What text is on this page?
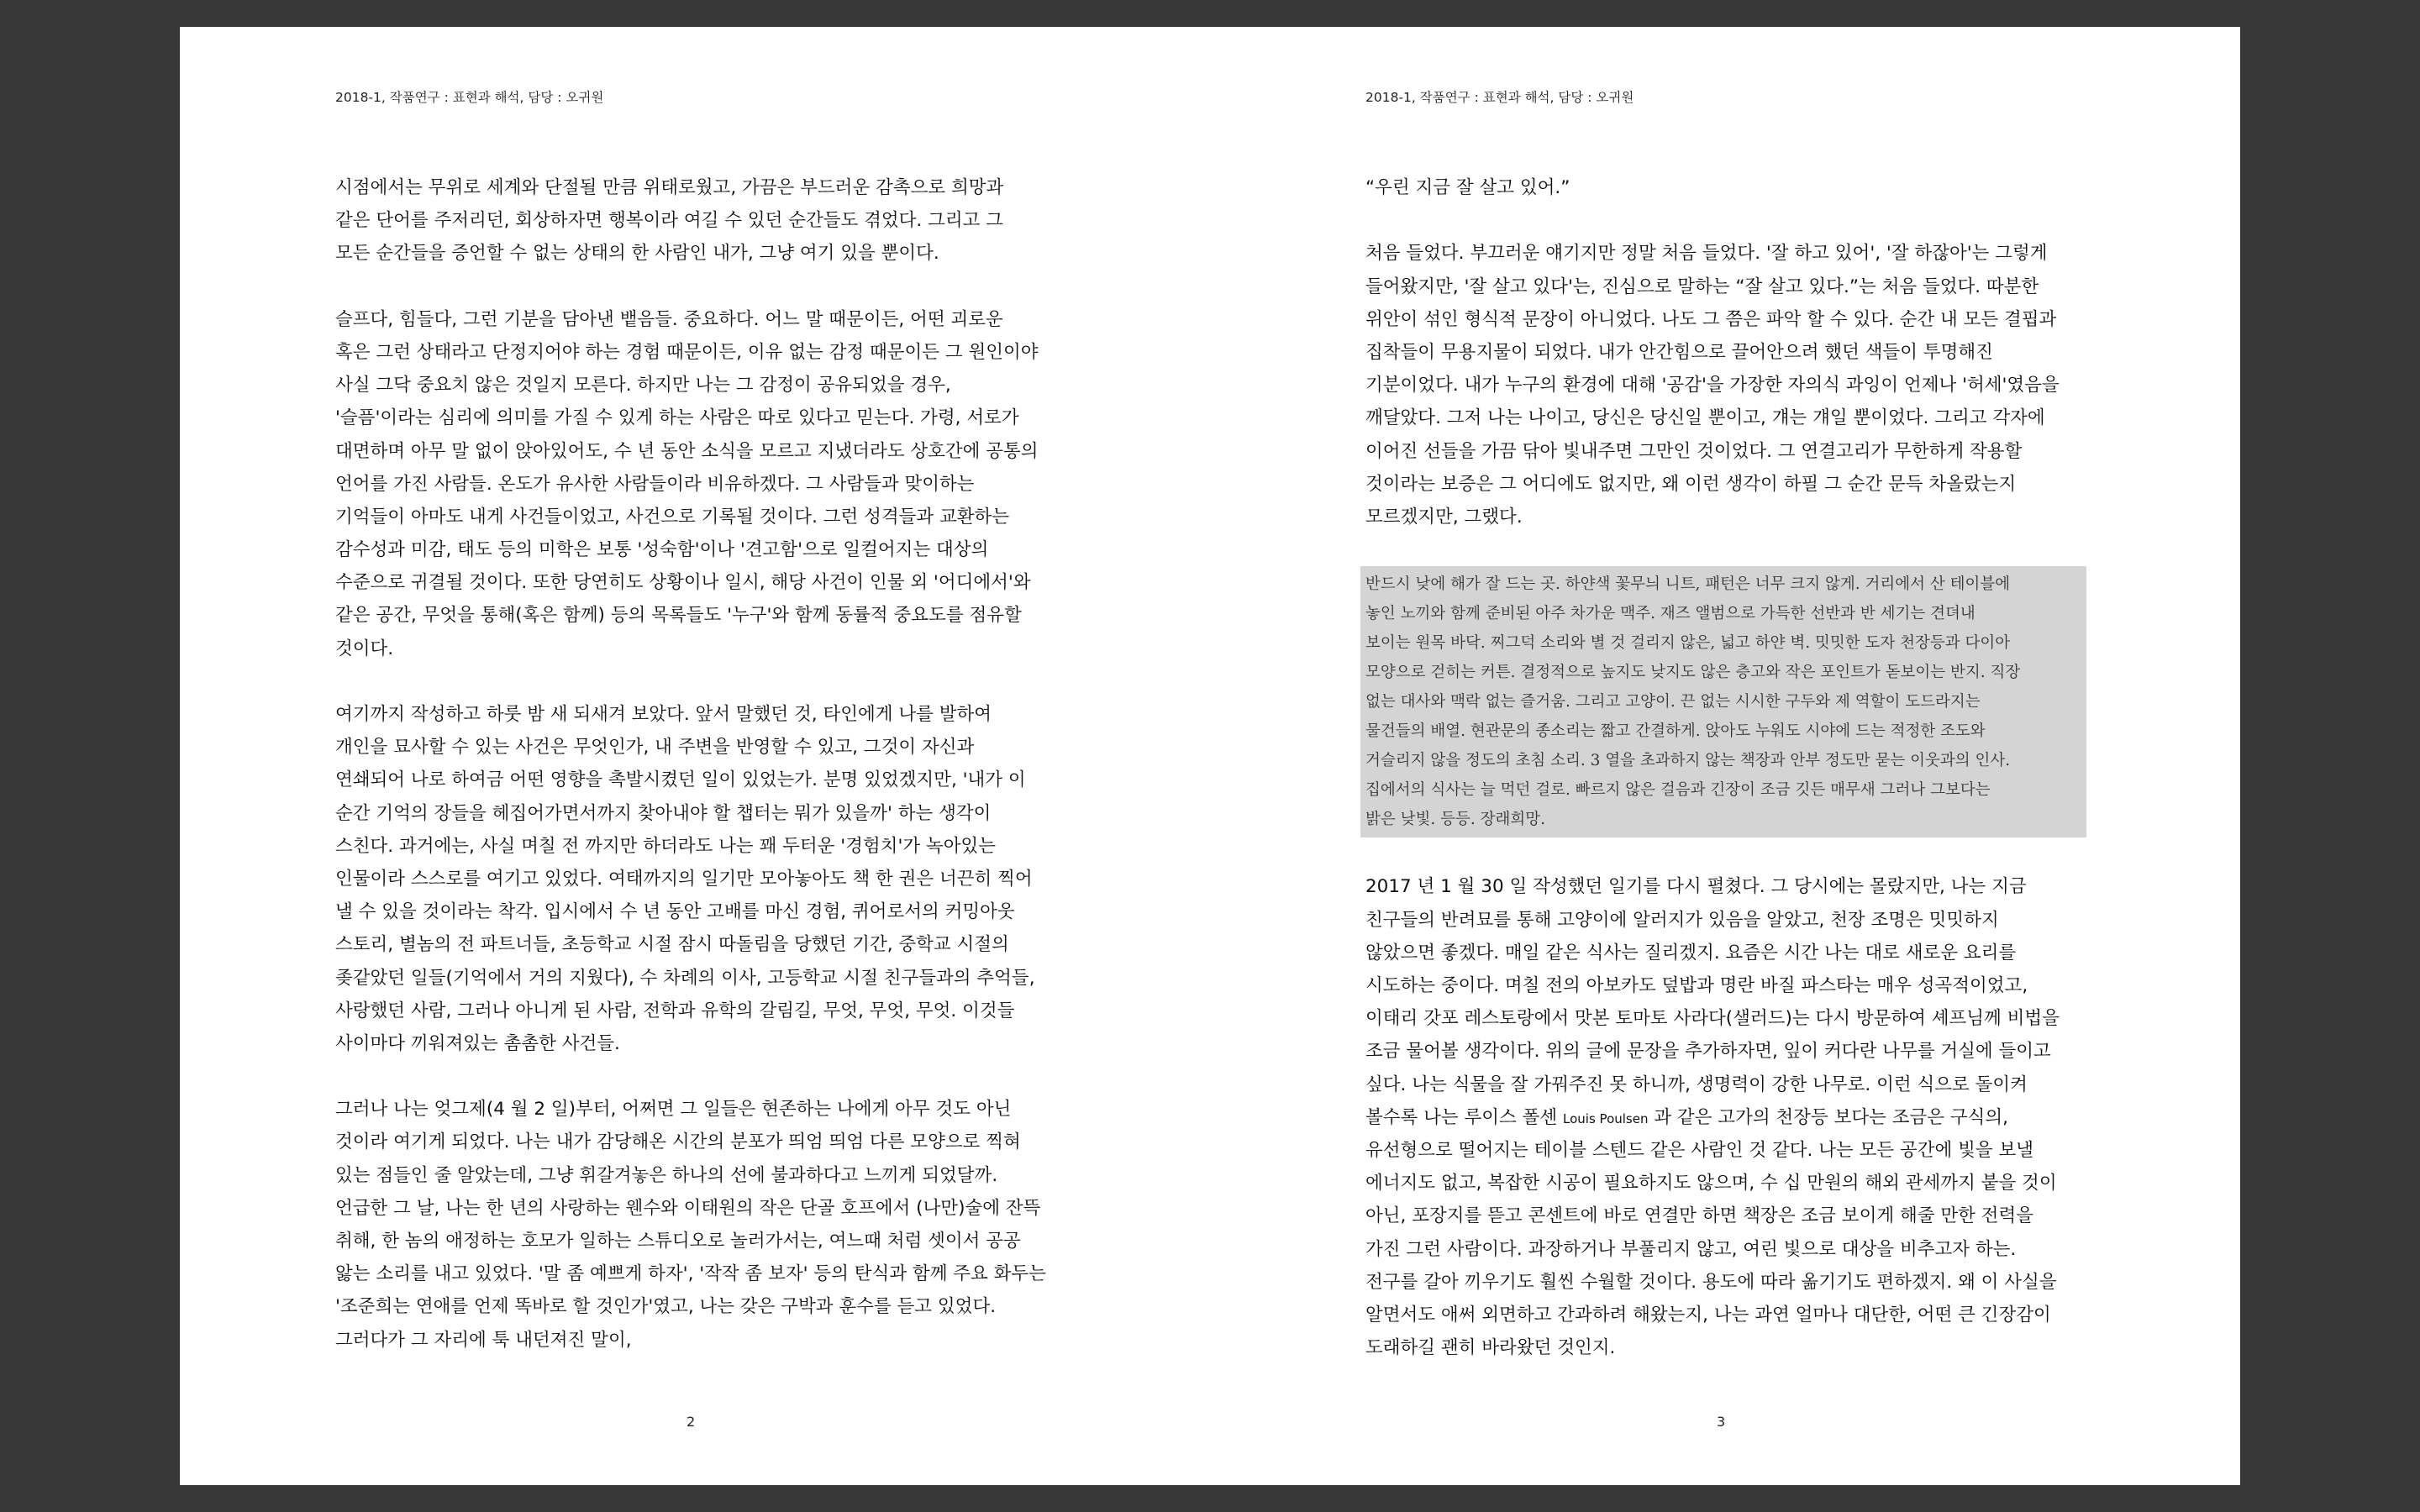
2018-1, 작품연구 : 표현과 해석, 담당 : 오귀원
시점에서는 무위로 세계와 단절될 만큼 위태로웠고, 가끔은 부드러운 감촉으로 희망과
같은 단어를 주저리던, 회상하자면 행복이라 여길 수 있던 순간들도 겪었다. 그리고 그
모든 순간들을 증언할 수 없는 상태의 한 사람인 내가, 그냥 여기 있을 뿐이다.
슬프다, 힘들다, 그런 기분을 담아낸 뱉음들. 중요하다. 어느 말 때문이든, 어떤 괴로운
혹은 그런 상태라고 단정지어야 하는 경험 때문이든, 이유 없는 감정 때문이든 그 원인이야
사실 그닥 중요치 않은 것일지 모른다. 하지만 나는 그 감정이 공유되었을 경우,
'슬픔'이라는 심리에 의미를 가질 수 있게 하는 사람은 따로 있다고 믿는다. 가령, 서로가
대면하며 아무 말 없이 앉아있어도, 수 년 동안 소식을 모르고 지냈더라도 상호간에 공통의
언어를 가진 사람들. 온도가 유사한 사람들이라 비유하겠다. 그 사람들과 맞이하는
기억들이 아마도 내게 사건들이었고, 사건으로 기록될 것이다. 그런 성격들과 교환하는
감수성과 미감, 태도 등의 미학은 보통 '성숙함'이나 '견고함'으로 일컬어지는 대상의
수준으로 귀결될 것이다. 또한 당연히도 상황이나 일시, 해당 사건이 인물 외 '어디에서'와
같은 공간, 무엇을 통해(혹은 함께) 등의 목록들도 '누구'와 함께 동률적 중요도를 점유할
것이다.
여기까지 작성하고 하룻 밤 새 되새겨 보았다. 앞서 말했던 것, 타인에게 나를 발하여
개인을 묘사할 수 있는 사건은 무엇인가, 내 주변을 반영할 수 있고, 그것이 자신과
연쇄되어 나로 하여금 어떤 영향을 촉발시켰던 일이 있었는가. 분명 있었겠지만, '내가 이
순간 기억의 장들을 헤집어가면서까지 찾아내야 할 챕터는 뭐가 있을까' 하는 생각이
스친다. 과거에는, 사실 며칠 전 까지만 하더라도 나는 꽤 두터운 '경험치'가 녹아있는
인물이라 스스로를 여기고 있었다. 여태까지의 일기만 모아놓아도 책 한 권은 너끈히 찍어
낼 수 있을 것이라는 착각. 입시에서 수 년 동안 고배를 마신 경험, 퀴어로서의 커밍아웃
스토리, 별놈의 전 파트너들, 초등학교 시절 잠시 따돌림을 당했던 기간, 중학교 시절의
좆같았던 일들(기억에서 거의 지웠다), 수 차례의 이사, 고등학교 시절 친구들과의 추억들,
사랑했던 사람, 그러나 아니게 된 사람, 전학과 유학의 갈림길, 무엇, 무엇, 무엇. 이것들
사이마다 끼워져있는 촘촘한 사건들.
그러나 나는 엊그제(4 월 2 일)부터, 어쩌면 그 일들은 현존하는 나에게 아무 것도 아닌
것이라 여기게 되었다. 나는 내가 감당해온 시간의 분포가 띄엄 띄엄 다른 모양으로 찍혀
있는 점들인 줄 알았는데, 그냥 휘갈겨놓은 하나의 선에 불과하다고 느끼게 되었달까.
언급한 그 날, 나는 한 년의 사랑하는 웬수와 이태원의 작은 단골 호프에서 (나만)술에 잔뜩
취해, 한 놈의 애정하는 호모가 일하는 스튜디오로 놀러가서는, 여느때 처럼 셋이서 공공
앓는 소리를 내고 있었다. '말 좀 예쁘게 하자', '작작 좀 보자' 등의 탄식과 함께 주요 화두는
'조준희는 연애를 언제 똑바로 할 것인가'였고, 나는 갖은 구박과 훈수를 듣고 있었다.
그러다가 그 자리에 툭 내던져진 말이,
2
2018-1, 작품연구 : 표현과 해석, 담당 : 오귀원
“우린 지금 잘 살고 있어.”
처음 들었다. 부끄러운 얘기지만 정말 처음 들었다. '잘 하고 있어', '잘 하잖아'는 그렇게
들어왔지만, '잘 살고 있다'는, 진심으로 말하는 “잘 살고 있다.”는 처음 들었다. 따분한
위안이 섞인 형식적 문장이 아니었다. 나도 그 쯤은 파악 할 수 있다. 순간 내 모든 결핍과
집착들이 무용지물이 되었다. 내가 안간힘으로 끌어안으려 했던 색들이 투명해진
기분이었다. 내가 누구의 환경에 대해 '공감'을 가장한 자의식 과잉이 언제나 '허세'였음을
깨달았다. 그저 나는 나이고, 당신은 당신일 뿐이고, 걔는 걔일 뿐이었다. 그리고 각자에
이어진 선들을 가끔 닦아 빛내주면 그만인 것이었다. 그 연결고리가 무한하게 작용할
것이라는 보증은 그 어디에도 없지만, 왜 이런 생각이 하필 그 순간 문득 차올랐는지
모르겠지만, 그랬다.
반드시 낮에 해가 잘 드는 곳. 하얀색 꽃무늬 니트, 패턴은 너무 크지 않게. 거리에서 산 테이블에
놓인 노끼와 함께 준비된 아주 차가운 맥주. 재즈 앨범으로 가득한 선반과 반 세기는 견뎌내
보이는 원목 바닥. 찌그덕 소리와 별 것 걸리지 않은, 넓고 하얀 벽. 밋밋한 도자 천장등과 다이아
모양으로 걷히는 커튼. 결정적으로 높지도 낮지도 않은 층고와 작은 포인트가 돋보이는 반지. 직장
없는 대사와 맥락 없는 즐거움. 그리고 고양이. 끈 없는 시시한 구두와 제 역할이 도드라지는
물건들의 배열. 현관문의 종소리는 짧고 간결하게. 앉아도 누워도 시야에 드는 적정한 조도와
거슬리지 않을 정도의 초침 소리. 3 열을 초과하지 않는 책장과 안부 정도만 묻는 이웃과의 인사.
집에서의 식사는 늘 먹던 걸로. 빠르지 않은 걸음과 긴장이 조금 깃든 매무새 그러나 그보다는
밝은 낮빛. 등등. 장래희망.
2017 년 1 월 30 일 작성했던 일기를 다시 펼쳤다. 그 당시에는 몰랐지만, 나는 지금
친구들의 반려묘를 통해 고양이에 알러지가 있음을 알았고, 천장 조명은 밋밋하지
않았으면 좋겠다. 매일 같은 식사는 질리겠지. 요즘은 시간 나는 대로 새로운 요리를
시도하는 중이다. 며칠 전의 아보카도 덮밥과 명란 바질 파스타는 매우 성곡적이었고,
이태리 갓포 레스토랑에서 맛본 토마토 사라다(샐러드)는 다시 방문하여 셰프님께 비법을
조금 물어볼 생각이다. 위의 글에 문장을 추가하자면, 잎이 커다란 나무를 거실에 들이고
싶다. 나는 식물을 잘 가꿔주진 못 하니까, 생명력이 강한 나무로. 이런 식으로 돌이켜
볼수록 나는 루이스 폴센 Louis Poulsen 과 같은 고가의 천장등 보다는 조금은 구식의,
유선형으로 떨어지는 테이블 스텐드 같은 사람인 것 같다. 나는 모든 공간에 빛을 보낼
에너지도 없고, 복잡한 시공이 필요하지도 않으며, 수 십 만원의 해외 관세까지 붙을 것이
아닌, 포장지를 뜯고 콘센트에 바로 연결만 하면 책장은 조금 보이게 해줄 만한 전력을
가진 그런 사람이다. 과장하거나 부풀리지 않고, 여린 빛으로 대상을 비추고자 하는.
전구를 갈아 끼우기도 훨씬 수월할 것이다. 용도에 따라 옮기기도 편하겠지. 왜 이 사실을
알면서도 애써 외면하고 간과하려 해왔는지, 나는 과연 얼마나 대단한, 어떤 큰 긴장감이
도래하길 괜히 바라왔던 것인지.
3
